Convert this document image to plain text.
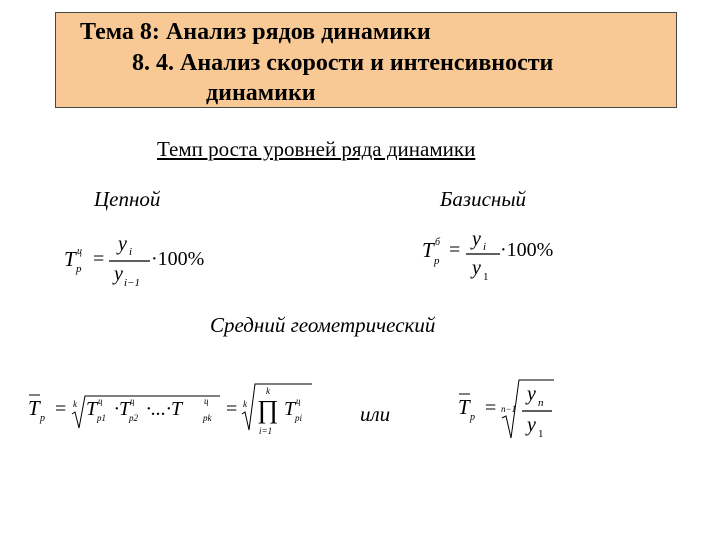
Тема 8: Анализ рядов динамики
8. 4. Анализ скорости и интенсивности
динамики
Темп роста уровней ряда динамики
Цепной	Базисный
T ц
p =
y i
y i−1
·100%	T б
p = y i
y 1
·100%
Средний геометрический
T p = k T ц
p1 ·T ц
p2 ·...·T ц
pk = k
k
∏
i=1
T ц
pi	или	T p = n−1
y n
y 1
